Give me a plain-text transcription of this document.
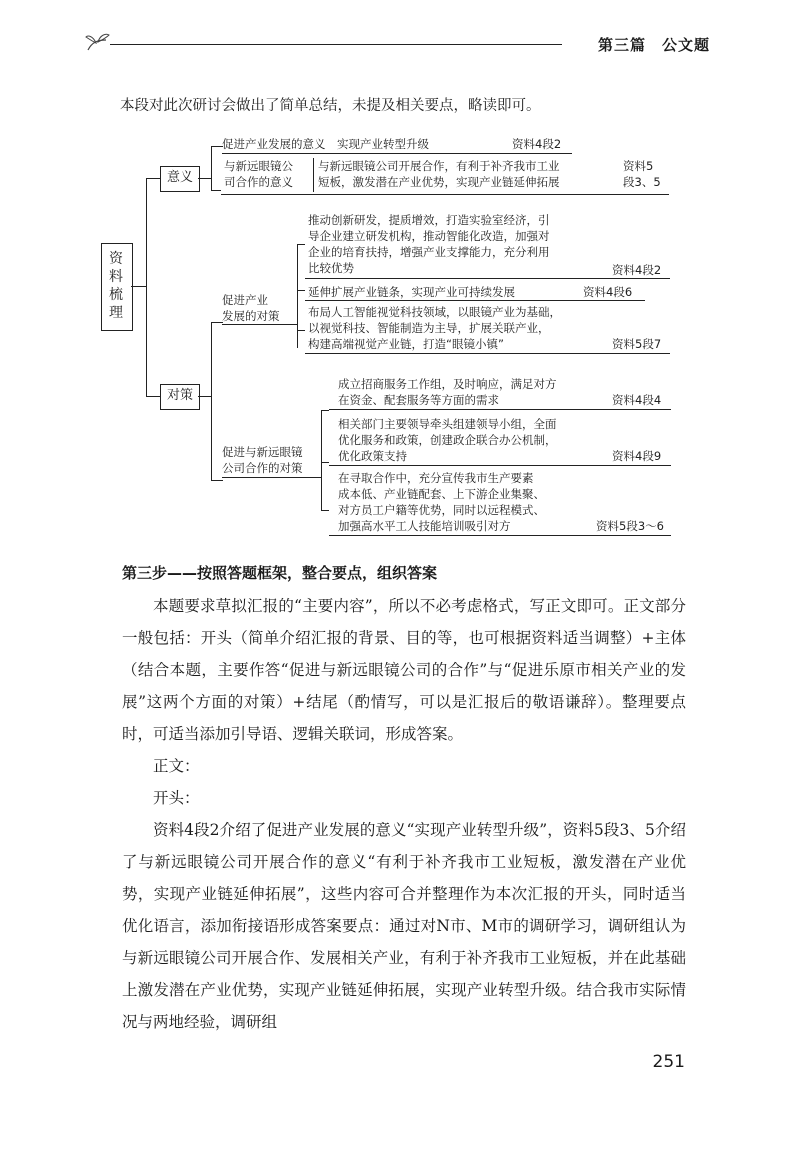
第三篇　公文题
本段对此次研讨会做出了简单总结，未提及相关要点，略读即可。
资料梳理
意义
促进产业发展的意义　实现产业转型升级	资料4段2
与新远眼镜公
司合作的意义
与新远眼镜公司开展合作，有利于补齐我市工业
短板，激发潜在产业优势，实现产业链延伸拓展
资料5
段3、5
对策
促进产业
发展的对策
推动创新研发，提质增效，打造实验室经济，引
导企业建立研发机构，推动智能化改造，加强对
企业的培育扶持，增强产业支撑能力，充分利用
比较优势	资料4段2
延伸扩展产业链条，实现产业可持续发展	资料4段6
布局人工智能视觉科技领域，以眼镜产业为基础，
以视觉科技、智能制造为主导，扩展关联产业，
构建高端视觉产业链，打造“眼镜小镇”	资料5段7
促进与新远眼镜
公司合作的对策
成立招商服务工作组，及时响应，满足对方
在资金、配套服务等方面的需求	资料4段4
相关部门主要领导牵头组建领导小组，全面
优化服务和政策，创建政企联合办公机制，
优化政策支持	资料4段9
在寻取合作中，充分宣传我市生产要素
成本低、产业链配套、上下游企业集聚、
对方员工户籍等优势，同时以远程模式、
加强高水平工人技能培训吸引对方	资料5段3～6
第三步——按照答题框架，整合要点，组织答案

本题要求草拟汇报的“主要内容”，所以不必考虑格式，写正文即可。正文部分一般包括：开头（简单介绍汇报的背景、目的等，也可根据资料适当调整）+主体（结合本题，主要作答“促进与新远眼镜公司的合作”与“促进乐原市相关产业的发展”这两个方面的对策）+结尾（酌情写，可以是汇报后的敬语谦辞）。整理要点时，可适当添加引导语、逻辑关联词，形成答案。

正文：

开头：

资料4段2介绍了促进产业发展的意义“实现产业转型升级”，资料5段3、5介绍了与新远眼镜公司开展合作的意义“有利于补齐我市工业短板，激发潜在产业优势，实现产业链延伸拓展”，这些内容可合并整理作为本次汇报的开头，同时适当优化语言，添加衔接语形成答案要点：通过对N市、M市的调研学习，调研组认为与新远眼镜公司开展合作、发展相关产业，有利于补齐我市工业短板，并在此基础上激发潜在产业优势，实现产业链延伸拓展，实现产业转型升级。结合我市实际情况与两地经验，调研组

251
